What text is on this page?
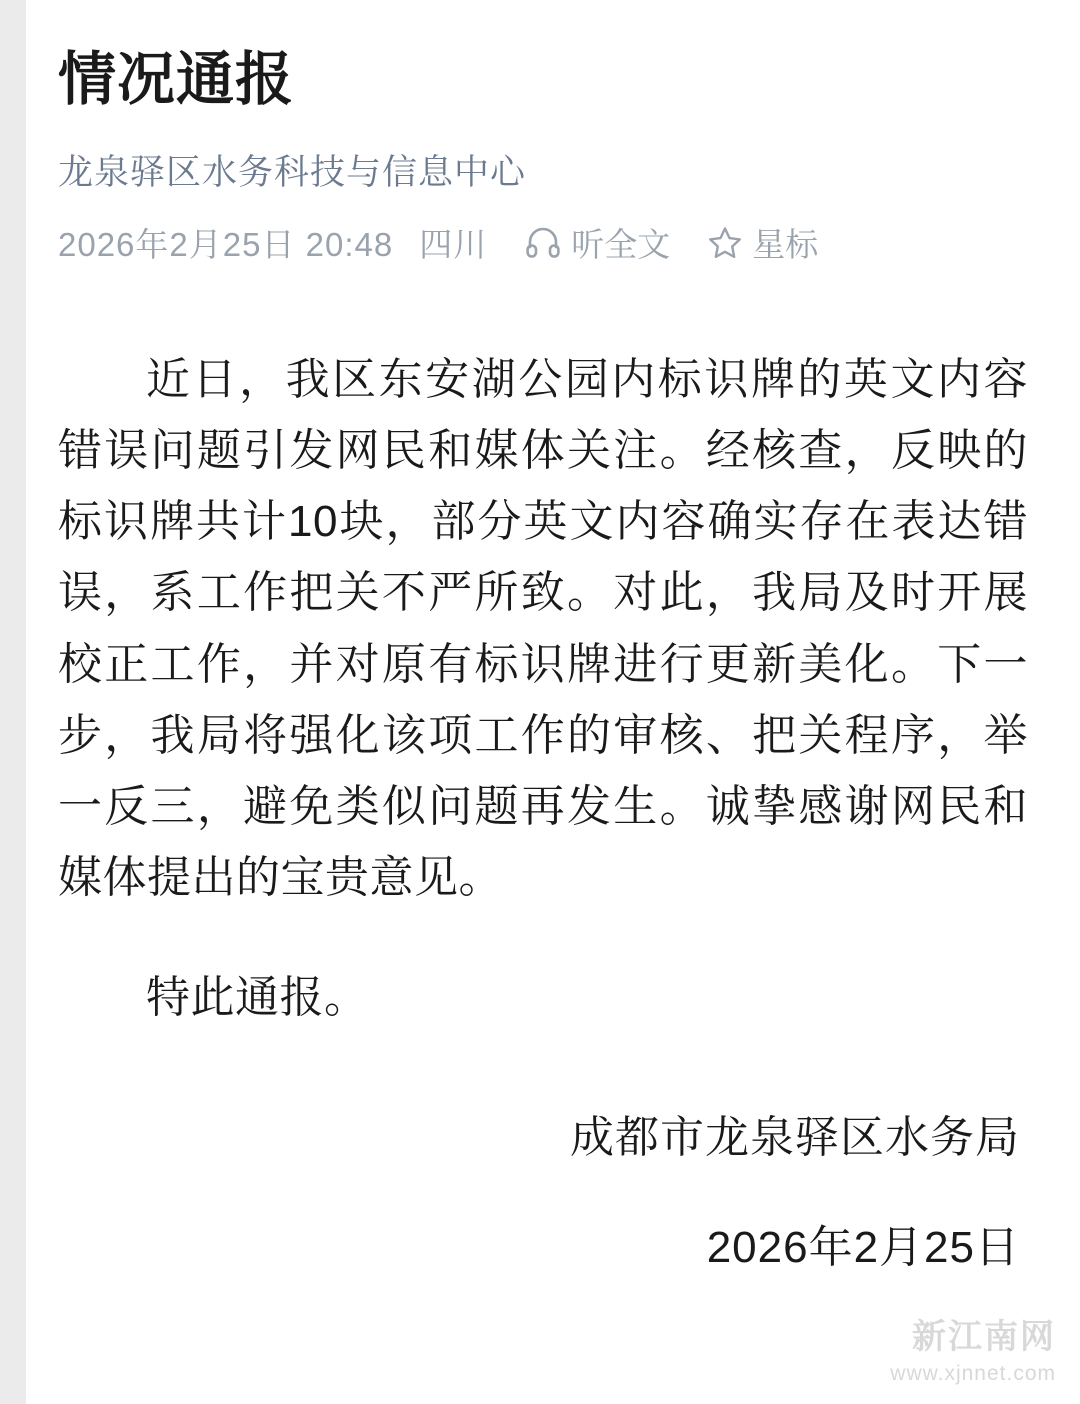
情况通报
龙泉驿区水务科技与信息中心
2026年2月25日 20:48 四川	听全文 星标

近日，我区东安湖公园内标识牌的英文内容错误问题引发网民和媒体关注。经核查，反映的标识牌共计10块，部分英文内容确实存在表达错误，系工作把关不严所致。对此，我局及时开展校正工作，并对原有标识牌进行更新美化。下一步，我局将强化该项工作的审核、把关程序，举一反三，避免类似问题再发生。诚挚感谢网民和媒体提出的宝贵意见。

特此通报。

成都市龙泉驿区水务局
2026年2月25日
新江南网
www.xjnnet.com
